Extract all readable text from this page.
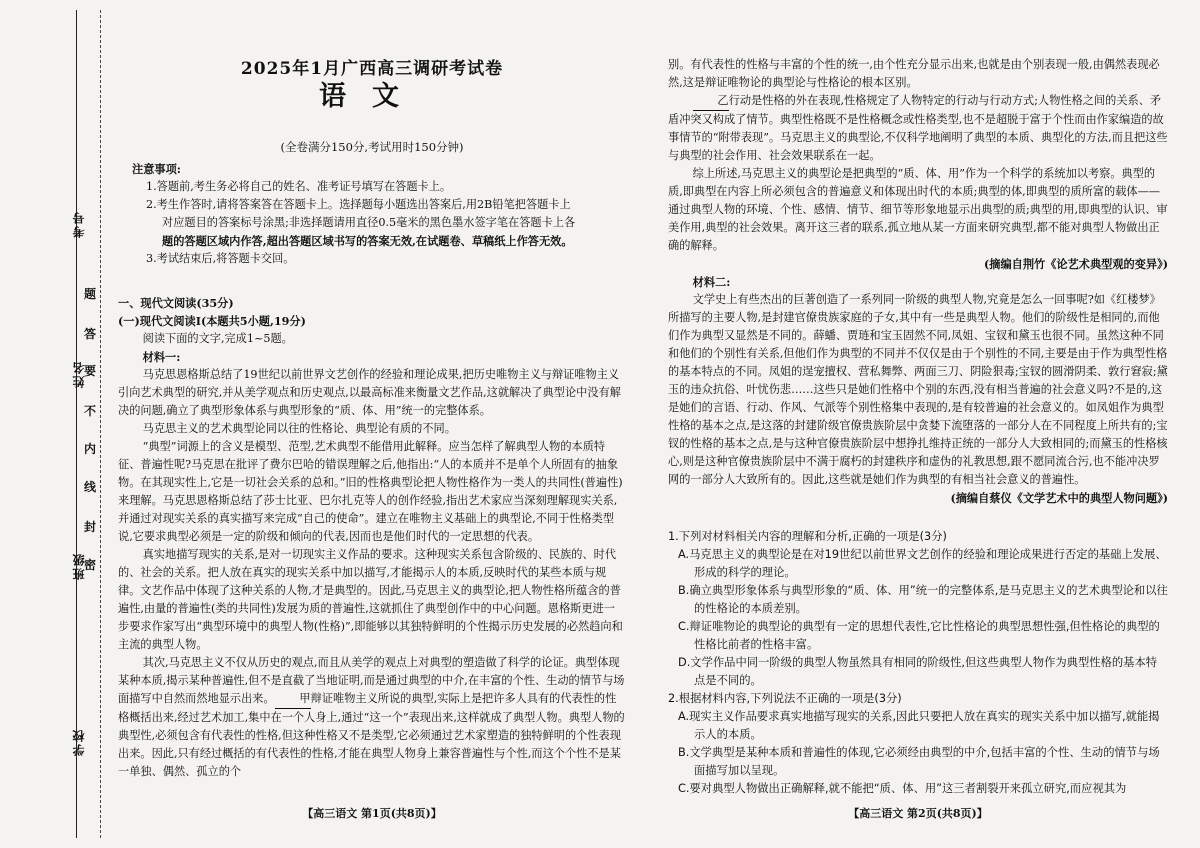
考号
姓名
班级
学校
题
答
要
不
内
线
封
密
2025年1月广西高三调研考试卷
语文
(全卷满分150分,考试用时150分钟)

注意事项:

1.答题前,考生务必将自己的姓名、准考证号填写在答题卡上。

2.考生作答时,请将答案答在答题卡上。选择题每小题选出答案后,用2B铅笔把答题卡上

对应题目的答案标号涂黑;非选择题请用直径0.5毫米的黑色墨水签字笔在答题卡上各

题的答题区域内作答,超出答题区域书写的答案无效,在试题卷、草稿纸上作答无效。

3.考试结束后,将答题卡交回。

一、现代文阅读(35分)

(一)现代文阅读Ⅰ(本题共5小题,19分)

阅读下面的文字,完成1~5题。

材料一:

马克思恩格斯总结了19世纪以前世界文艺创作的经验和理论成果,把历史唯物主义与辩证唯物主义引向艺术典型的研究,并从美学观点和历史观点,以最高标准来衡量文艺作品,这就解决了典型论中没有解决的问题,确立了典型形象体系与典型形象的“质、体、用”统一的完整体系。

马克思主义的艺术典型论同以往的性格论、典型论有质的不同。

“典型”词源上的含义是模型、范型,艺术典型不能借用此解释。应当怎样了解典型人物的本质特征、普遍性呢?马克思在批评了费尔巴哈的错误理解之后,他指出:“人的本质并不是单个人所固有的抽象物。在其现实性上,它是一切社会关系的总和。”旧的性格典型论把人物性格作为一类人的共同性(普遍性)来理解。马克思恩格斯总结了莎士比亚、巴尔扎克等人的创作经验,指出艺术家应当深刻理解现实关系,并通过对现实关系的真实描写来完成“自己的使命”。建立在唯物主义基础上的典型论,不同于性格类型说,它要求典型必须是一定的阶级和倾向的代表,因而也是他们时代的一定思想的代表。

真实地描写现实的关系,是对一切现实主义作品的要求。这种现实关系包含阶级的、民族的、时代的、社会的关系。把人放在真实的现实关系中加以描写,才能揭示人的本质,反映时代的某些本质与规律。文艺作品中体现了这种关系的人物,才是典型的。因此,马克思主义的典型论,把人物性格所蕴含的普遍性,由量的普遍性(类的共同性)发展为质的普遍性,这就抓住了典型创作中的中心问题。恩格斯更进一步要求作家写出“典型环境中的典型人物(性格)”,即能够以其独特鲜明的个性揭示历史发展的必然趋向和主流的典型人物。

其次,马克思主义不仅从历史的观点,而且从美学的观点上对典型的塑造做了科学的论证。典型体现某种本质,揭示某种普遍性,但不是直截了当地证明,而是通过典型的中介,在丰富的个性、生动的情节与场面描写中自然而然地显示出来。 甲辩证唯物主义所说的典型,实际上是把许多人具有的代表性的性格概括出来,经过艺术加工,集中在一个人身上,通过“这一个”表现出来,这样就成了典型人物。典型人物的典型性,必须包含有代表性的性格,但这种性格又不是类型,它必须通过艺术家塑造的独特鲜明的个性表现出来。因此,只有经过概括的有代表性的性格,才能在典型人物身上兼容普遍性与个性,而这个个性不是某一单独、偶然、孤立的个

【高三语文 第1页(共8页)】

别。有代表性的性格与丰富的个性的统一,由个性充分显示出来,也就是由个别表现一般,由偶然表现必然,这是辩证唯物论的典型论与性格论的根本区别。

乙行动是性格的外在表现,性格规定了人物特定的行动与行动方式;人物性格之间的关系、矛盾冲突又构成了情节。典型性格既不是性格概念或性格类型,也不是超脱于富于个性而由作家编造的故事情节的“附带表现”。马克思主义的典型论,不仅科学地阐明了典型的本质、典型化的方法,而且把这些与典型的社会作用、社会效果联系在一起。

综上所述,马克思主义的典型论是把典型的“质、体、用”作为一个科学的系统加以考察。典型的质,即典型在内容上所必须包含的普遍意义和体现出时代的本质;典型的体,即典型的质所富的载体——通过典型人物的环境、个性、感情、情节、细节等形象地显示出典型的质;典型的用,即典型的认识、审美作用,典型的社会效果。离开这三者的联系,孤立地从某一方面来研究典型,都不能对典型人物做出正确的解释。

(摘编自荆竹《论艺术典型观的变异》)

材料二:

文学史上有些杰出的巨著创造了一系列同一阶级的典型人物,究竟是怎么一回事呢?如《红楼梦》所描写的主要人物,是封建官僚贵族家庭的子女,其中有一些是典型人物。他们的阶级性是相同的,而他们作为典型又显然是不同的。薛蟠、贾琏和宝玉固然不同,凤姐、宝钗和黛玉也很不同。虽然这种不同和他们的个别性有关系,但他们作为典型的不同并不仅仅是由于个别性的不同,主要是由于作为典型性格的基本特点的不同。凤姐的逞宠擅权、营私舞弊、两面三刀、阴险狠毒;宝钗的圆滑阴柔、敦行窘寂;黛玉的违众抗俗、叶忧伤悲……这些只是她们性格中个别的东西,没有相当普遍的社会意义吗?不是的,这是她们的言语、行动、作风、气派等个别性格集中表现的,是有较普遍的社会意义的。如凤姐作为典型性格的基本之点,是这落的封建阶级官僚贵族阶层中贪婪下流堕落的一部分人在不同程度上所共有的;宝钗的性格的基本之点,是与这种官僚贵族阶层中想挣扎维持正统的一部分人大致相同的;而黛玉的性格核心,则是这种官僚贵族阶层中不满于腐朽的封建秩序和虚伪的礼教思想,跟不愿同流合污,也不能冲决罗网的一部分人大致所有的。因此,这些就是她们作为典型的有相当社会意义的普遍性。

(摘编自蔡仪《文学艺术中的典型人物问题》)

1.下列对材料相关内容的理解和分析,正确的一项是(3分)

A.马克思主义的典型论是在对19世纪以前世界文艺创作的经验和理论成果进行否定的基础上发展、形成的科学的理论。

B.确立典型形象体系与典型形象的“质、体、用”统一的完整体系,是马克思主义的艺术典型论和以往的性格论的本质差别。

C.辩证唯物论的典型论的典型有一定的思想代表性,它比性格论的典型思想性强,但性格论的典型的性格比前者的性格丰富。

D.文学作品中同一阶级的典型人物虽然具有相同的阶级性,但这些典型人物作为典型性格的基本特点是不同的。

2.根据材料内容,下列说法不正确的一项是(3分)

A.现实主义作品要求真实地描写现实的关系,因此只要把人放在真实的现实关系中加以描写,就能揭示人的本质。

B.文学典型是某种本质和普遍性的体现,它必须经由典型的中介,包括丰富的个性、生动的情节与场面描写加以呈现。

C.要对典型人物做出正确解释,就不能把“质、体、用”这三者割裂开来孤立研究,而应视其为

【高三语文 第2页(共8页)】
